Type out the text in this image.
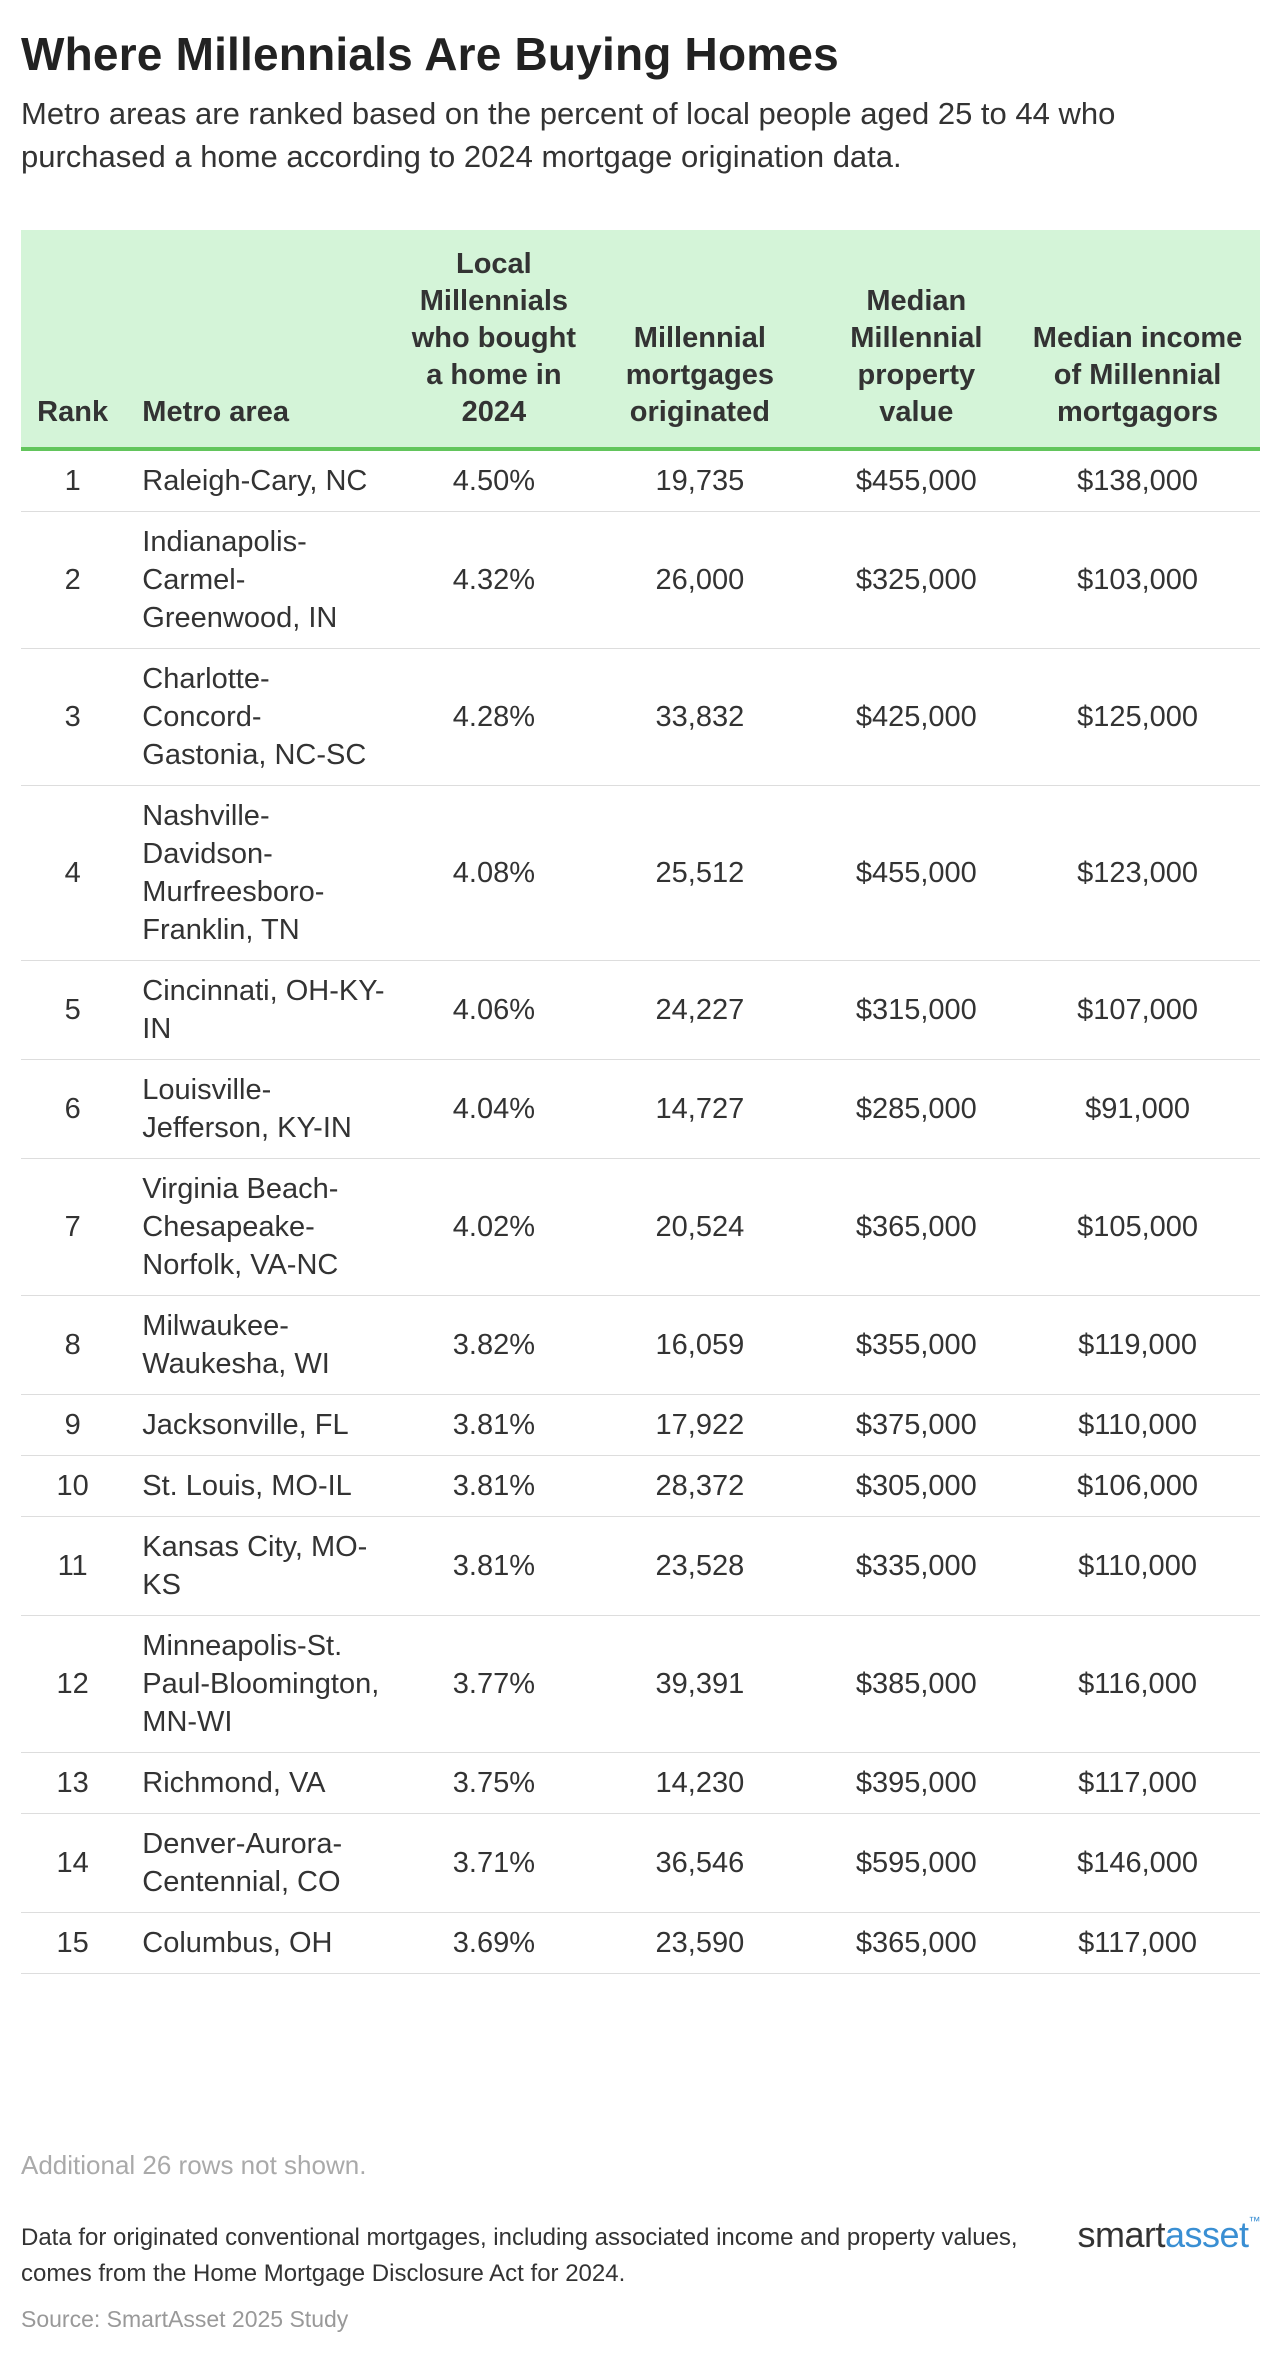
Where Millennials Are Buying Homes

Metro areas are ranked based on the percent of local people aged 25 to 44 who purchased a home according to 2024 mortgage origination data.

Rank	Metro area	Local Millennials who bought a home in 2024	Millennial mortgages originated	Median Millennial property value	Median income of Millennial mortgagors
1	Raleigh-Cary, NC	4.50%	19,735	$455,000	$138,000
2	Indianapolis-Carmel-Greenwood, IN	4.32%	26,000	$325,000	$103,000
3	Charlotte-Concord-Gastonia, NC-SC	4.28%	33,832	$425,000	$125,000
4	Nashville-Davidson-Murfreesboro-Franklin, TN	4.08%	25,512	$455,000	$123,000
5	Cincinnati, OH-KY-IN	4.06%	24,227	$315,000	$107,000
6	Louisville-Jefferson, KY-IN	4.04%	14,727	$285,000	$91,000
7	Virginia Beach-Chesapeake-Norfolk, VA-NC	4.02%	20,524	$365,000	$105,000
8	Milwaukee-Waukesha, WI	3.82%	16,059	$355,000	$119,000
9	Jacksonville, FL	3.81%	17,922	$375,000	$110,000
10	St. Louis, MO-IL	3.81%	28,372	$305,000	$106,000
11	Kansas City, MO-KS	3.81%	23,528	$335,000	$110,000
12	Minneapolis-St. Paul-Bloomington, MN-WI	3.77%	39,391	$385,000	$116,000
13	Richmond, VA	3.75%	14,230	$395,000	$117,000
14	Denver-Aurora-Centennial, CO	3.71%	36,546	$595,000	$146,000
15	Columbus, OH	3.69%	23,590	$365,000	$117,000
Additional 26 rows not shown.
Data for originated conventional mortgages, including associated income and property values, comes from the Home Mortgage Disclosure Act for 2024.
Source: SmartAsset 2025 Study
smartasset™
